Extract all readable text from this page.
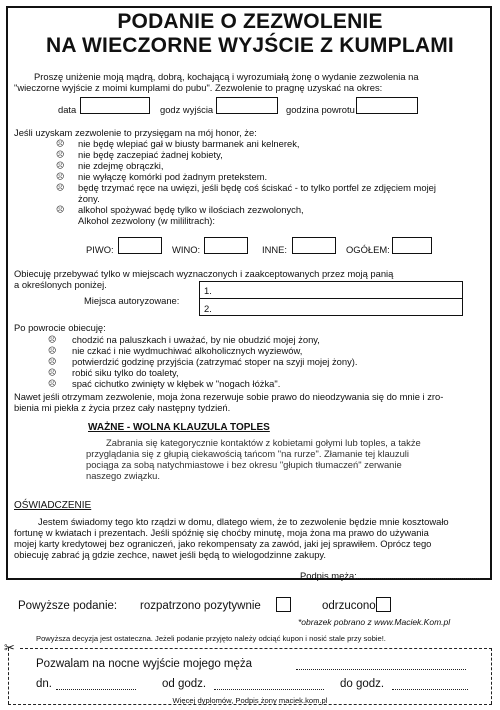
PODANIE O ZEZWOLENIE
NA WIECZORNE WYJŚCIE Z KUMPLAMI
Proszę uniżenie moją mądrą, dobrą, kochającą i wyrozumiałą żonę o wydanie zezwolenia na
"wieczorne wyjście z moimi kumplami do pubu". Zezwolenie to pragnę uzyskać na okres:
data	godz wyjścia	godzina powrotu
Jeśli uzyskam zezwolenie to przysięgam na mój honor, że:
☹ nie będę wlepiać gał w biusty barmanek ani kelnerek,
☹ nie będę zaczepiać żadnej kobiety,
☹ nie zdejmę obrączki,
☹ nie wyłączę komórki pod żadnym pretekstem.
☹ będę trzymać ręce na uwięzi, jeśli będę coś ściskać - to tylko portfel ze zdjęciem mojej
żony.
☹ alkohol spożywać będę tylko w ilościach zezwolonych,
Alkohol zezwolony (w mililitrach):
PIWO:	WINO:	INNE:	OGÓŁEM:
Obiecuję przebywać tylko w miejscach wyznaczonych i zaakceptowanych przez moją panią
a określonych poniżej.
Miejsca autoryzowane:
1.
2.
Po powrocie obiecuję:
☹ chodzić na paluszkach i uważać, by nie obudzić mojej żony,
☹ nie czkać i nie wydmuchiwać alkoholicznych wyziewów,
☹ potwierdzić godzinę przyjścia (zatrzymać stoper na szyji mojej żony).
☹ robić siku tylko do toalety,
☹ spać cichutko zwinięty w kłębek w "nogach łóżka".
Nawet jeśli otrzymam zezwolenie, moja żona rezerwuje sobie prawo do nieodzywania się do mnie i zro-
bienia mi piekła z życia przez cały następny tydzień.
WAŻNE - WOLNA KLAUZULA TOPLES
Zabrania się kategorycznie kontaktów z kobietami gołymi lub toples, a także
przyglądania się z głupią ciekawością tańcom "na rurze". Złamanie tej klauzuli
pociąga za sobą natychmiastowe i bez okresu "głupich tłumaczeń" zerwanie
naszego związku.
OŚWIADCZENIE
Jestem świadomy tego kto rządzi w domu, dlatego wiem, że to zezwolenie będzie mnie kosztowało
fortunę w kwiatach i prezentach. Jeśli spóźnię się choćby minutę, moja żona ma prawo do używania
mojej karty kredytowej bez ograniczeń, jako rekompensaty za zawód, jaki jej sprawiłem. Oprócz tego
obiecuję zabrać ją gdzie zechce, nawet jeśli będą to wielogodzinne zakupy.
Podpis męża:
Powyższe podanie: rozpatrzono pozytywnie	odrzucono
*obrazek pobrano z www.Maciek.Kom.pl
Powyższa decyzja jest ostateczna. Jeżeli podanie przyjęto należy odciąć kupon i nosić stale przy sobie!.
✂
Pozwalam na nocne wyjście mojego męża
dn.	od godz.	do godz.
Więcej dyplomów, Podpis żony maciek.kom.pl
